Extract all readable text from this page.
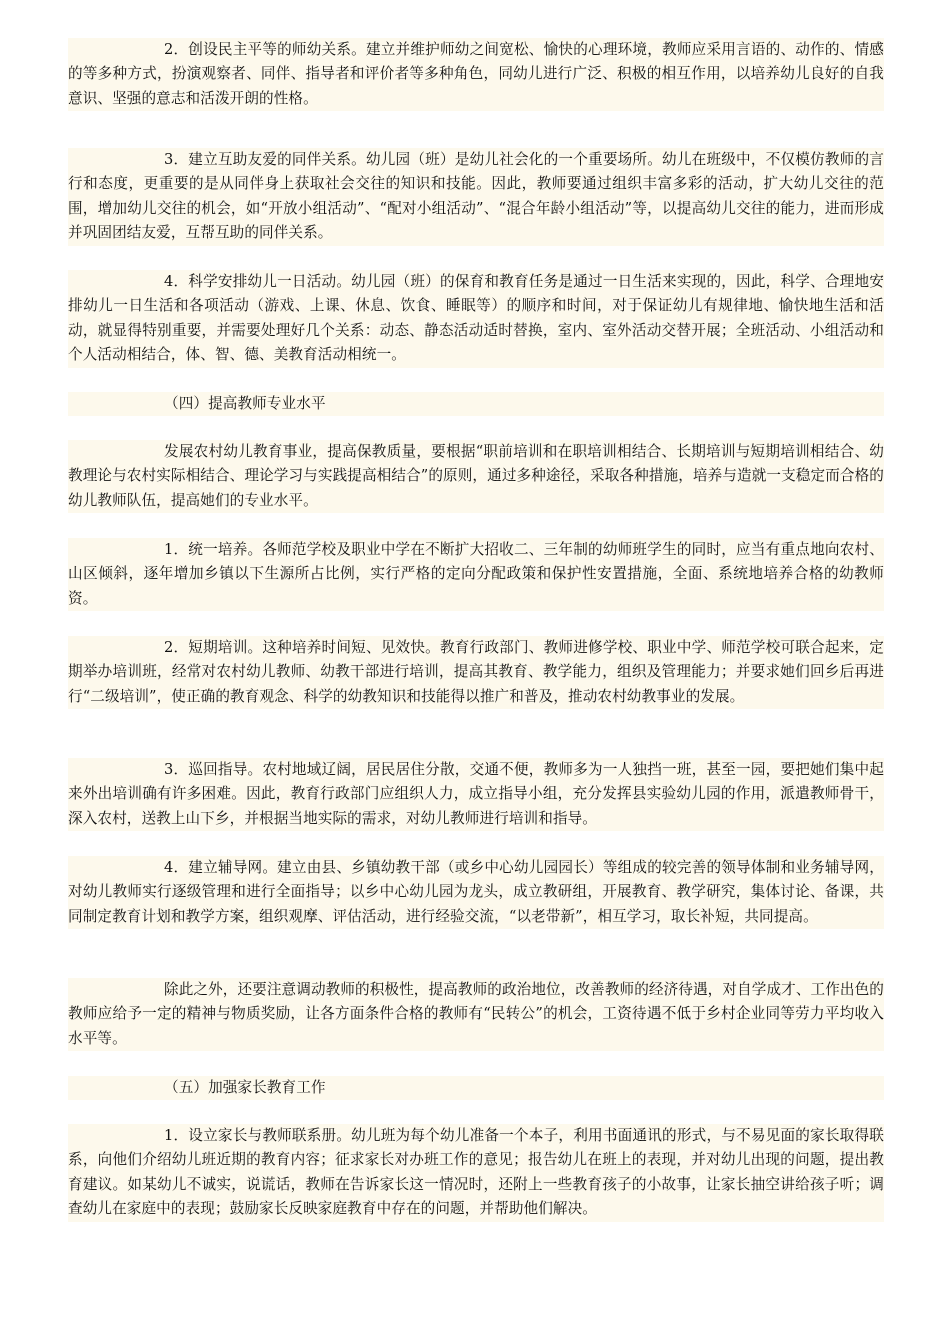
2．创设民主平等的师幼关系。建立并维护师幼之间宽松、愉快的心理环境，教师应采用言语的、动作的、情感的等多种方式，扮演观察者、同伴、指导者和评价者等多种角色，同幼儿进行广泛、积极的相互作用，以培养幼儿良好的自我意识、坚强的意志和活泼开朗的性格。

3．建立互助友爱的同伴关系。幼儿园（班）是幼儿社会化的一个重要场所。幼儿在班级中，不仅模仿教师的言行和态度，更重要的是从同伴身上获取社会交往的知识和技能。因此，教师要通过组织丰富多彩的活动，扩大幼儿交往的范围，增加幼儿交往的机会，如“开放小组活动”、“配对小组活动”、“混合年龄小组活动”等，以提高幼儿交往的能力，进而形成并巩固团结友爱，互帮互助的同伴关系。

4．科学安排幼儿一日活动。幼儿园（班）的保育和教育任务是通过一日生活来实现的，因此，科学、合理地安排幼儿一日生活和各项活动（游戏、上课、休息、饮食、睡眠等）的顺序和时间，对于保证幼儿有规律地、愉快地生活和活动，就显得特别重要，并需要处理好几个关系：动态、静态活动适时替换，室内、室外活动交替开展；全班活动、小组活动和个人活动相结合，体、智、德、美教育活动相统一。

（四）提高教师专业水平

发展农村幼儿教育事业，提高保教质量，要根据“职前培训和在职培训相结合、长期培训与短期培训相结合、幼教理论与农村实际相结合、理论学习与实践提高相结合”的原则，通过多种途径，采取各种措施，培养与造就一支稳定而合格的幼儿教师队伍，提高她们的专业水平。

1．统一培养。各师范学校及职业中学在不断扩大招收二、三年制的幼师班学生的同时，应当有重点地向农村、山区倾斜，逐年增加乡镇以下生源所占比例，实行严格的定向分配政策和保护性安置措施，全面、系统地培养合格的幼教师资。

2．短期培训。这种培养时间短、见效快。教育行政部门、教师进修学校、职业中学、师范学校可联合起来，定期举办培训班，经常对农村幼儿教师、幼教干部进行培训，提高其教育、教学能力，组织及管理能力；并要求她们回乡后再进行“二级培训”，使正确的教育观念、科学的幼教知识和技能得以推广和普及，推动农村幼教事业的发展。

3．巡回指导。农村地域辽阔，居民居住分散，交通不便，教师多为一人独挡一班，甚至一园，要把她们集中起来外出培训确有许多困难。因此，教育行政部门应组织人力，成立指导小组，充分发挥县实验幼儿园的作用，派遣教师骨干，深入农村，送教上山下乡，并根据当地实际的需求，对幼儿教师进行培训和指导。

4．建立辅导网。建立由县、乡镇幼教干部（或乡中心幼儿园园长）等组成的较完善的领导体制和业务辅导网，对幼儿教师实行逐级管理和进行全面指导；以乡中心幼儿园为龙头，成立教研组，开展教育、教学研究，集体讨论、备课，共同制定教育计划和教学方案，组织观摩、评估活动，进行经验交流，“以老带新”，相互学习，取长补短，共同提高。

除此之外，还要注意调动教师的积极性，提高教师的政治地位，改善教师的经济待遇，对自学成才、工作出色的教师应给予一定的精神与物质奖励，让各方面条件合格的教师有“民转公”的机会，工资待遇不低于乡村企业同等劳力平均收入水平等。

（五）加强家长教育工作

1．设立家长与教师联系册。幼儿班为每个幼儿准备一个本子，利用书面通讯的形式，与不易见面的家长取得联系，向他们介绍幼儿班近期的教育内容；征求家长对办班工作的意见；报告幼儿在班上的表现，并对幼儿出现的问题，提出教育建议。如某幼儿不诚实，说谎话，教师在告诉家长这一情况时，还附上一些教育孩子的小故事，让家长抽空讲给孩子听；调查幼儿在家庭中的表现；鼓励家长反映家庭教育中存在的问题，并帮助他们解决。
